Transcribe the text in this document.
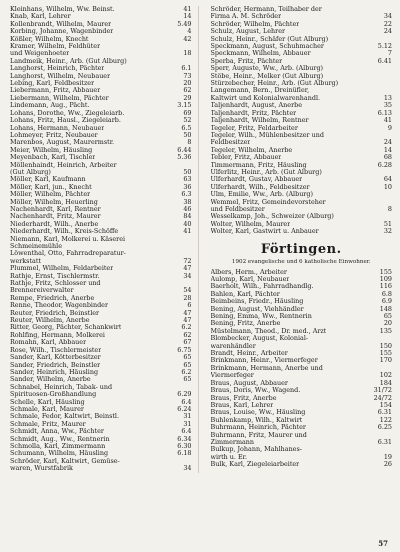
Kleinhans, Wilhelm, Ww. Beinst.	41
Knab, Karl, Lehrer	14
Kollenbrandt, Wilhelm, Maurer	5.49
Korbing, Johanne, Wagenbinder	4
Kößler, Wilhelm, Knecht	42
Kramer, Wilhelm, Feldhüter
und Weigenhoeter	18
Landmeik, Heinr., Arb. (Gut Alburg)
Langhorst, Heinrich, Pächter	6.1
Langhorst, Wilhelm, Neubauer	73
Lebing, Karl, Feldbesitzer	20
Liebermann, Fritz, Abbauer	62
Liebermann, Wilhelm, Pächter	29
Lindemann, Aug., Pächt.	3.15
Lohans, Dorothe, Ww., Ziegeleiarb.	69
Lohans, Fritz, Hausl., Ziegeleiarb.	52
Lohans, Hermann, Neubauer	6.5
Lohmeyer, Fritz, Neubauer	50
Marenbos, August, Maurermstr.	8
Meier, Wilhelm, Häusling	6.44
Meyenbach, Karl, Tischler	5.36
Möllenhaindt, Heinrich, Arbeiter
(Gut Alburg)	50
Möller, Karl, Kaufmann	63
Möller, Karl, jun., Knecht	36
Möller, Wilhelm, Pächter	6.3
Möller, Wilhelm, Heuerling	38
Nachenhardt, Karl, Rentner	46
Nachenhardt, Fritz, Maurer	84
Niederhardt, Wilh., Anerbe	40
Niederhardt, Wilh., Kreis-Schöffe	41
Niemann, Karl, Molkerei u. Käserei
Schmeinemühle
Löwenthal, Otto, Fahrradreparatur-
werkstatt	72
Plummel, Wilhelm, Feldarbeiter	47
Rathje, Ernst, Tischlermstr.	34
Rathje, Fritz, Schlosser und
Brennereiverwalter	54
Rempe, Friedrich, Anerbe	28
Renne, Theodor, Wagenbinder	6
Reuter, Friedrich, Beinstler	47
Reuter, Wilhelm, Anerbe	47
Ritter, Georg, Pächter, Schankwirt	6.2
Rohlfing, Hermann, Molkerei	62
Romahn, Karl, Abbauer	67
Rose, Wilh., Tischlermeister	6.75
Sander, Karl, Kötterbesitzer	65
Sander, Friedrich, Beinstler	65
Sander, Heinrich, Häusling	6.2
Sander, Wilhelm, Anerbe	65
Schnabel, Heinrich, Tabak- und
Spirituosen-Großhandlung	6.29
Schelle, Karl, Häusling	6.4
Schmale, Karl, Maurer	6.24
Schmale, Fedor, Kaltwirt, Beinstl.	31
Schmale, Fritz, Maurer	31
Schmidt, Anna, Ww., Pächter	6.4
Schmidt, Aug., Ww., Rentnerin	6.34
Schmolla, Karl, Zimmermann	6.30
Schumann, Wilhelm, Häusling	6.18
Schröder, Karl, Kaltwirt, Gemüse-
waren, Wurstfabrik	34
Schröder, Hermann, Teilhaber der
Firma A. M. Schröder	34
Schröder, Wilhelm, Pächter	22
Schulz, August, Lehrer	24
Schulz, Heinr., Schäfer (Gut Alburg)
Speckmann, August, Schuhmacher	5.12
Speckmann, Wilhelm, Abbauer	7
Sperba, Fritz, Pächter	6.41
Sperr, Auguste, Ww., Arb. (Alburg)
Stöbe, Heinr., Melker (Gut Alburg)
Stürzebecher, Heinr., Arb. (Gut Alburg)
Langemann, Bern., Dreinüfler,
Kaltwirt und Kolonialwarenhandl.	13
Taljenhardt, August, Anerbe	35
Taljenhardt, Fritz, Pächter	6.13
Taljenhardt, Wilhelm, Rentner	41
Tegeler, Fritz, Feldarbeiter	9
Tegeler, Wilh., Mühlenbesitzer und
Feldbesitzer	24
Tegeler, Wilhelm, Anerbe	14
Tebler, Fritz, Abbauer	68
Timmermann, Fritz, Häusling	6.28
Ulferlitz, Heinr., Arb. (Gut Alburg)
Ulferhardt, Gustav, Abbauer	64
Ulferhardt, Wilh., Feldbesitzer	10
Ulm, Emilie, Ww., Arb. (Alburg)
Wemmel, Fritz, Gemeindevorsteher
und Feldbesitzer	8
Wesselkamp, Joh., Schweizer (Alburg)
Wolter, Wilhelm, Maurer	51
Wolter, Karl, Gastwirt u. Anbauer	32
Förtingen.
1902 evangelische und 6 katholische Einwohner.
Albers, Herm., Arbeiter	155
Aulomp, Karl, Neubauer	109
Baerholt, Wilh., Fahrradhandlg.	116
Bahlen, Karl, Pächter	6.8
Beimbeins, Friedr., Häusling	6.9
Bening, August, Viehhändler	148
Bening, Emma, Ww., Rentnerin	65
Bening, Fritz, Anerbe	20
Müstelmann, Theod., Dr. med., Arzt	135
Blombecker, August, Kolonial-
warenhändler	150
Brandt, Heinr., Arbeiter	155
Brinkmann, Heinr., Viermerfeger	170
Brinkmann, Hermann, Anerbe und
Viermerfeger	102
Braus, August, Abbauer	184
Braus, Doris, Ww., Wagend.	31/72
Braus, Fritz, Anerbe	24/72
Braus, Karl, Lehrer	154
Braus, Louise, Ww., Häusling	6.31
Buhlenkamp, Wilh., Kaltwirt	122
Buhrmann, Heinrich, Pächter	6.25
Buhrmann, Fritz, Maurer und
Zimmermann	6.31
Bulkup, Johann, Mahlhanes-
wirth u. Er.	19
Bulk, Karl, Ziegeleiarbeiter	26
57
